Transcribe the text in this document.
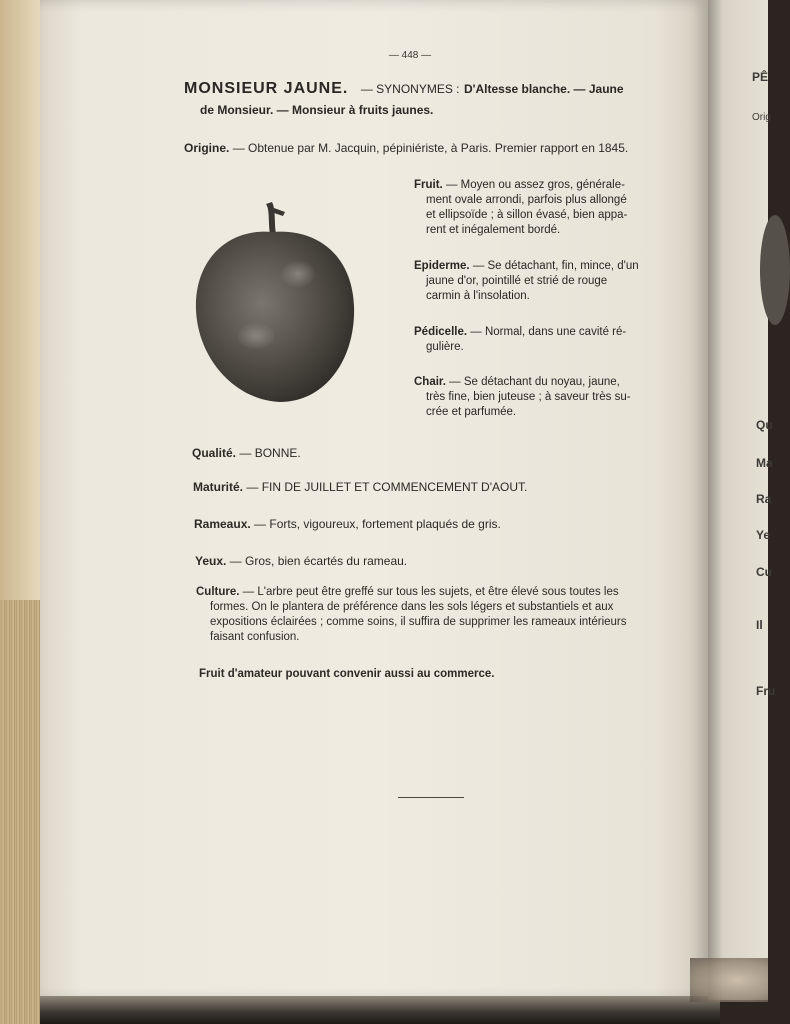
PÊ
Orig
Qu
Ma
Ra
Ye
Cu
Il
Fru
— 448 —
MONSIEUR JAUNE. — SYNONYMES : D'Altesse blanche. — Jaune
de Monsieur. — Monsieur à fruits jaunes.
Origine. — Obtenue par M. Jacquin, pépiniériste, à Paris. Premier rapport en 1845.
Fruit. — Moyen ou assez gros, générale-
ment ovale arrondi, parfois plus allongé
et ellipsoïde ; à sillon évasé, bien appa-
rent et inégalement bordé.
Epiderme. — Se détachant, fin, mince, d'un
jaune d'or, pointillé et strié de rouge
carmin à l'insolation.
Pédicelle. — Normal, dans une cavité ré-
gulière.
Chair. — Se détachant du noyau, jaune,
très fine, bien juteuse ; à saveur très su-
crée et parfumée.
Qualité. — BONNE.
Maturité. — FIN DE JUILLET ET COMMENCEMENT D'AOUT.
Rameaux. — Forts, vigoureux, fortement plaqués de gris.
Yeux. — Gros, bien écartés du rameau.
Culture. — L'arbre peut être greffé sur tous les sujets, et être élevé sous toutes les
formes. On le plantera de préférence dans les sols légers et substantiels et aux
expositions éclairées ; comme soins, il suffira de supprimer les rameaux intérieurs
faisant confusion.
Fruit d'amateur pouvant convenir aussi au commerce.
